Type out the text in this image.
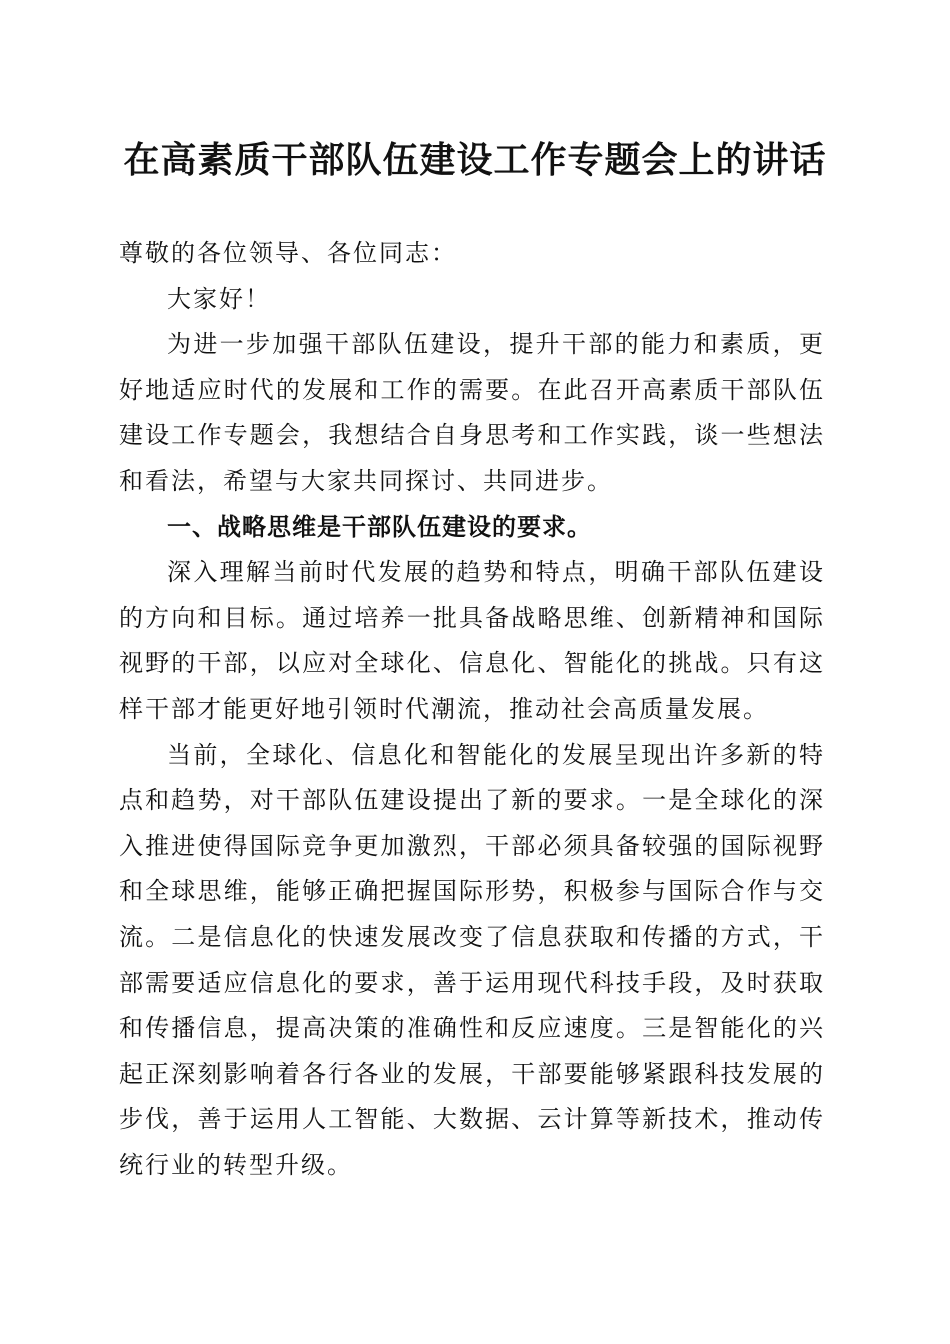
在高素质干部队伍建设工作专题会上的讲话

尊敬的各位领导、各位同志：

大家好！

为进一步加强干部队伍建设，提升干部的能力和素质，更好地适应时代的发展和工作的需要。在此召开高素质干部队伍建设工作专题会，我想结合自身思考和工作实践，谈一些想法和看法，希望与大家共同探讨、共同进步。

一、战略思维是干部队伍建设的要求。

深入理解当前时代发展的趋势和特点，明确干部队伍建设的方向和目标。通过培养一批具备战略思维、创新精神和国际视野的干部，以应对全球化、信息化、智能化的挑战。只有这样干部才能更好地引领时代潮流，推动社会高质量发展。

当前，全球化、信息化和智能化的发展呈现出许多新的特点和趋势，对干部队伍建设提出了新的要求。一是全球化的深入推进使得国际竞争更加激烈，干部必须具备较强的国际视野和全球思维，能够正确把握国际形势，积极参与国际合作与交流。二是信息化的快速发展改变了信息获取和传播的方式，干部需要适应信息化的要求，善于运用现代科技手段，及时获取和传播信息，提高决策的准确性和反应速度。三是智能化的兴起正深刻影响着各行各业的发展，干部要能够紧跟科技发展的步伐，善于运用人工智能、大数据、云计算等新技术，推动传统行业的转型升级。
